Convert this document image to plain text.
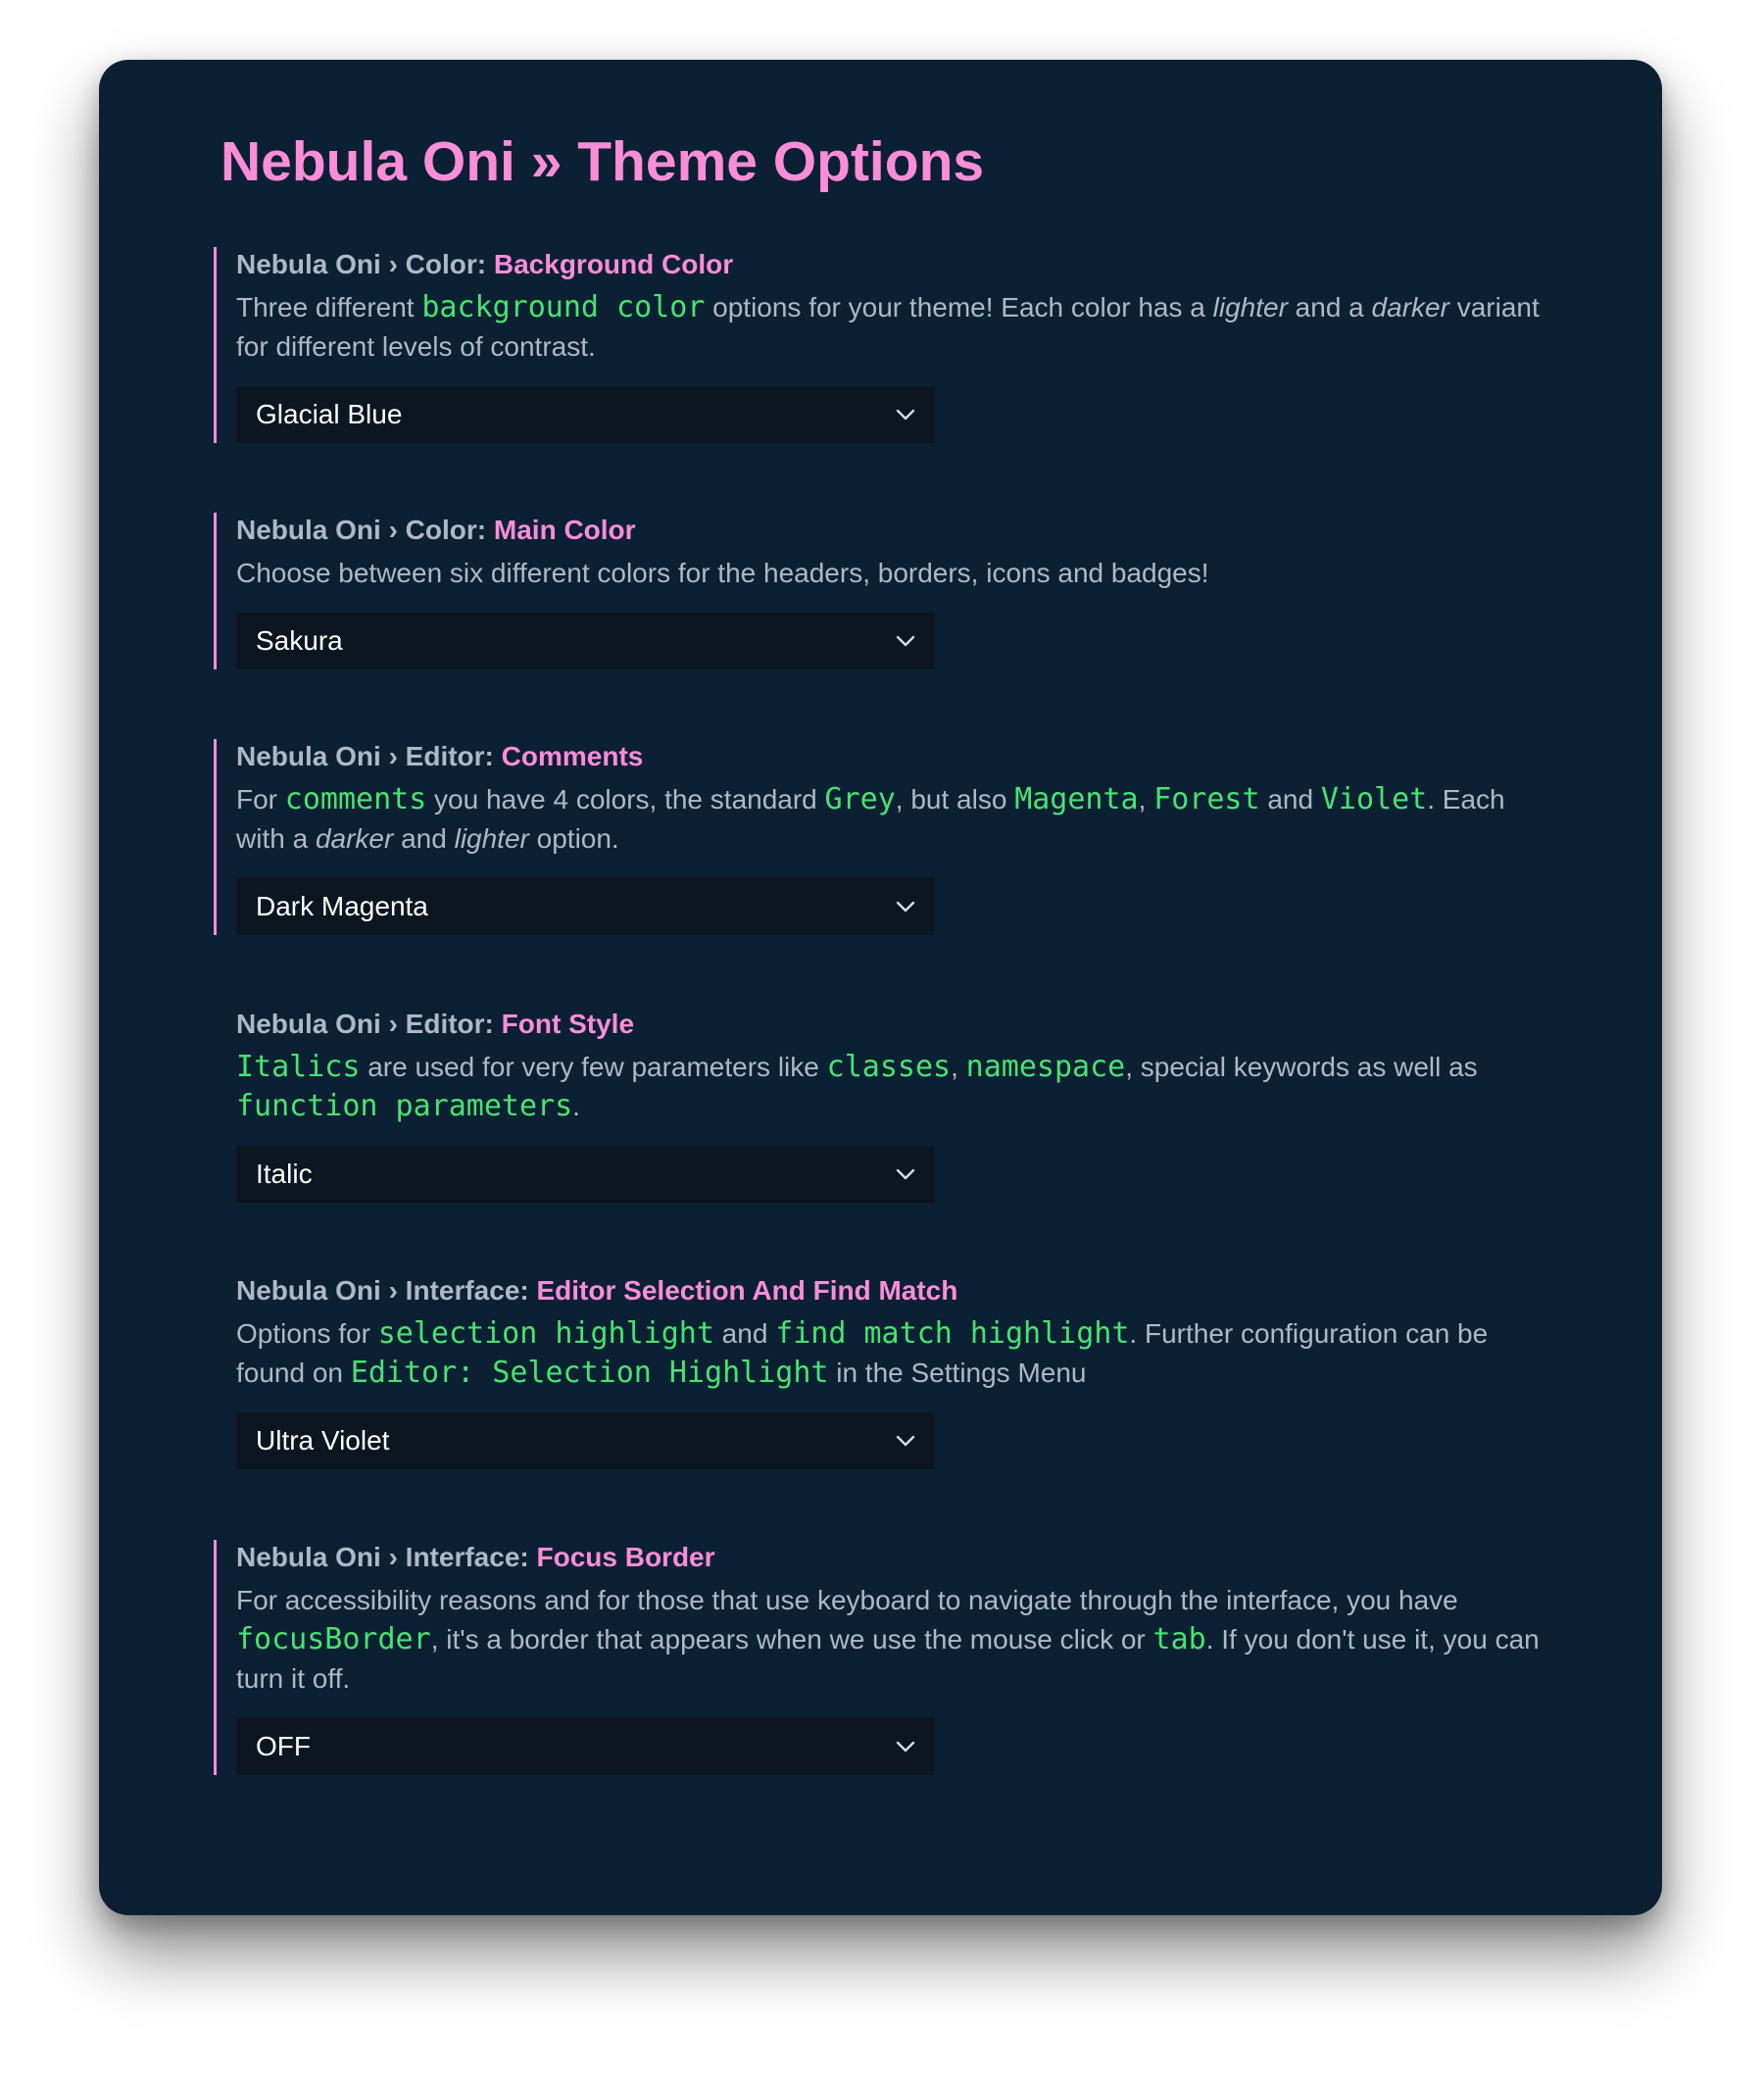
Nebula Oni » Theme Options
Nebula Oni › Color: Background Color
Three different background color options for your theme! Each color has a lighter and a darker variant for different levels of contrast.
Glacial Blue
Nebula Oni › Color: Main Color
Choose between six different colors for the headers, borders, icons and badges!
Sakura
Nebula Oni › Editor: Comments
For comments you have 4 colors, the standard Grey, but also Magenta, Forest and Violet. Each with a darker and lighter option.
Dark Magenta
Nebula Oni › Editor: Font Style
Italics are used for very few parameters like classes, namespace, special keywords as well as function parameters.
Italic
Nebula Oni › Interface: Editor Selection And Find Match
Options for selection highlight and find match highlight. Further configuration can be found on Editor: Selection Highlight in the Settings Menu
Ultra Violet
Nebula Oni › Interface: Focus Border
For accessibility reasons and for those that use keyboard to navigate through the interface, you have focusBorder, it's a border that appears when we use the mouse click or tab. If you don't use it, you can turn it off.
OFF
